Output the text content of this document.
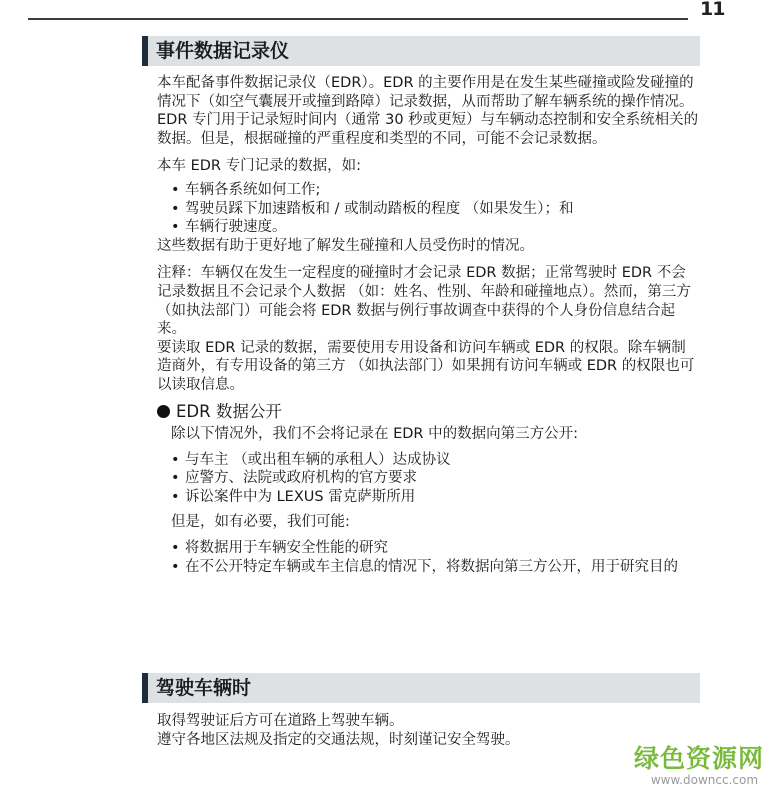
11
事件数据记录仪

本车配备事件数据记录仪（EDR）。EDR 的主要作用是在发生某些碰撞或险发碰撞的情况下（如空气囊展开或撞到路障）记录数据，从而帮助了解车辆系统的操作情况。EDR 专门用于记录短时间内（通常 30 秒或更短）与车辆动态控制和安全系统相关的数据。但是，根据碰撞的严重程度和类型的不同，可能不会记录数据。

本车 EDR 专门记录的数据，如:

• 车辆各系统如何工作;
• 驾驶员踩下加速踏板和 / 或制动踏板的程度 （如果发生）；和
• 车辆行驶速度。

这些数据有助于更好地了解发生碰撞和人员受伤时的情况。

注释：车辆仅在发生一定程度的碰撞时才会记录 EDR 数据；正常驾驶时 EDR 不会记录数据且不会记录个人数据 （如：姓名、性别、年龄和碰撞地点）。然而，第三方 （如执法部门）可能会将 EDR 数据与例行事故调查中获得的个人身份信息结合起来。

要读取 EDR 记录的数据，需要使用专用设备和访问车辆或 EDR 的权限。除车辆制造商外，有专用设备的第三方 （如执法部门）如果拥有访问车辆或 EDR 的权限也可以读取信息。

EDR 数据公开

除以下情况外，我们不会将记录在 EDR 中的数据向第三方公开:

• 与车主 （或出租车辆的承租人）达成协议
• 应警方、法院或政府机构的官方要求
• 诉讼案件中为 LEXUS 雷克萨斯所用

但是，如有必要，我们可能:

• 将数据用于车辆安全性能的研究
• 在不公开特定车辆或车主信息的情况下，将数据向第三方公开，用于研究目的
驾驶车辆时

取得驾驶证后方可在道路上驾驶车辆。

遵守各地区法规及指定的交通法规，时刻谨记安全驾驶。

绿色资源网
www.downcc.com
